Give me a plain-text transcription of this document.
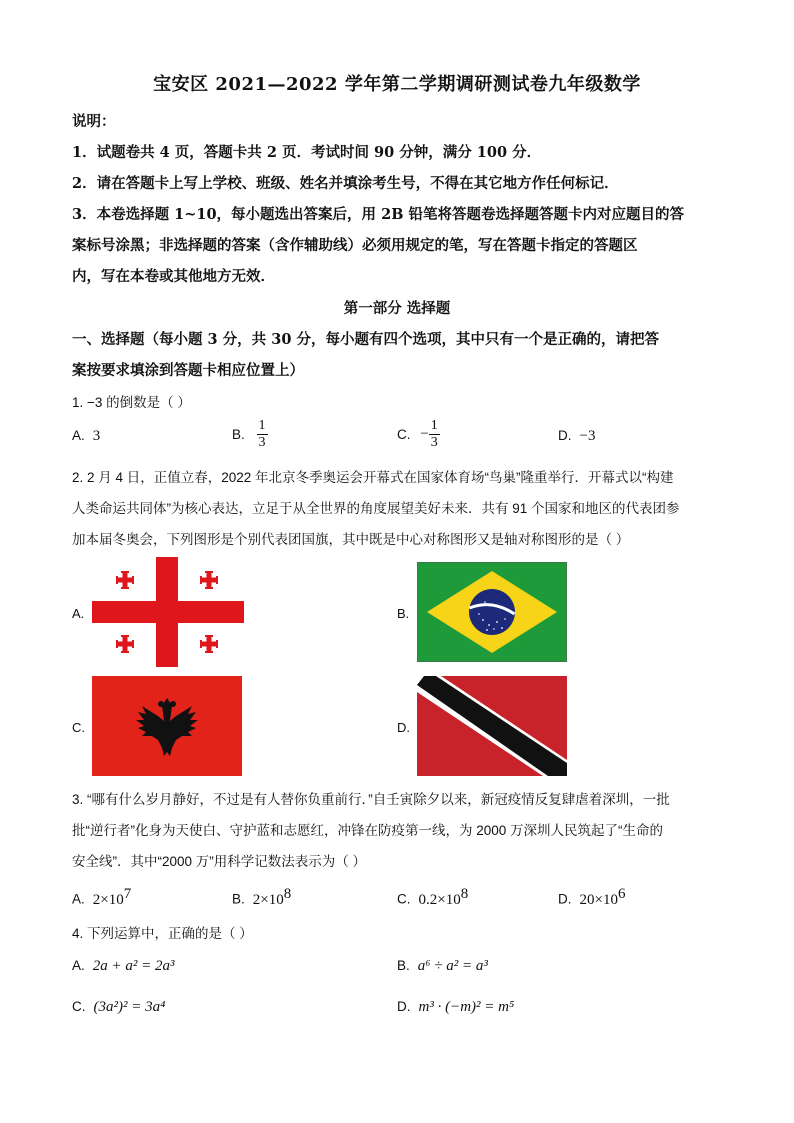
宝安区 2021—2022 学年第二学期调研测试卷九年级数学
说明：
1．试题卷共 4 页，答题卡共 2 页．考试时间 90 分钟，满分 100 分．
2．请在答题卡上写上学校、班级、姓名并填涂考生号，不得在其它地方作任何标记．
3．本卷选择题 1~10，每小题选出答案后，用 2B 铅笔将答题卷选择题答题卡内对应题目的答
案标号涂黑；非选择题的答案（含作辅助线）必须用规定的笔，写在答题卡指定的答题区
内，写在本卷或其他地方无效．
第一部分 选择题
一、选择题（每小题 3 分，共 30 分，每小题有四个选项，其中只有一个是正确的，请把答
案按要求填涂到答题卡相应位置上）
1. −3 的倒数是（ ）
A. 3	B. $\frac{1}{3}$	C. − $\frac{1}{3}$	D. −3
2. 2 月 4 日，正值立春，2022 年北京冬季奥运会开幕式在国家体育场“鸟巢”隆重举行．开幕式以“构建
人类命运共同体”为核心表达，立足于从全世界的角度展望美好未来．共有 91 个国家和地区的代表团参
加本届冬奥会，下列图形是个别代表团国旗，其中既是中心对称图形又是轴对称图形的是（ ）
A.	B.
C.	D.
3. “哪有什么岁月静好，不过是有人替你负重前行．”自壬寅除夕以来，新冠疫情反复肆虐着深圳，一批
批“逆行者”化身为天使白、守护蓝和志愿红，冲锋在防疫第一线，为 2000 万深圳人民筑起了“生命的
安全线”．其中“2000 万”用科学记数法表示为（ ）
A. $2\times 10^7$	B. $2\times 10^8$	C. $0.2\times 10^8$	D. $20\times 10^6$
4. 下列运算中，正确的是（ ）
A. 2a + a² = 2a³	B. a⁶ ÷ a² = a³
C. (3a²)² = 3a⁴	D. m³ · (−m)² = m⁵
